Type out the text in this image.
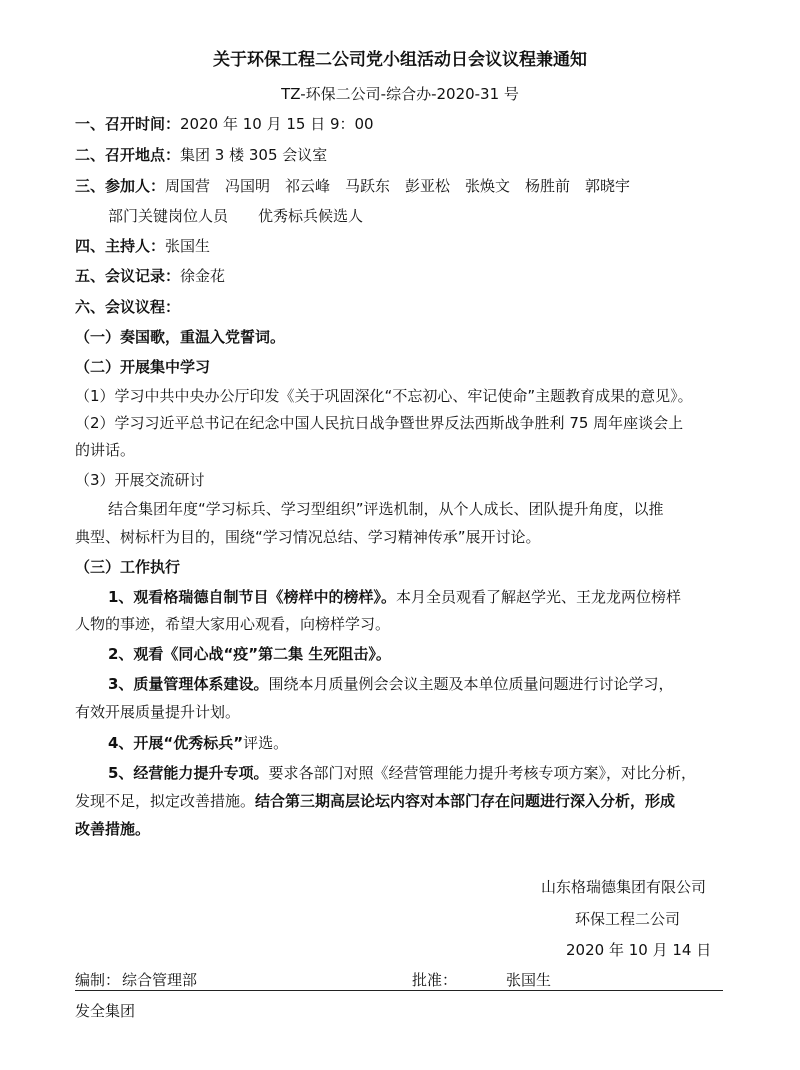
关于环保工程二公司党小组活动日会议议程兼通知
TZ-环保二公司-综合办-2020-31 号
一、召开时间：2020 年 10 月 15 日 9：00
二、召开地点：集团 3 楼 305 会议室
三、参加人：周国营　冯国明　祁云峰　马跃东　彭亚松　张焕文　杨胜前　郭晓宇
部门关键岗位人员　　优秀标兵候选人
四、主持人：张国生
五、会议记录：徐金花
六、会议议程：
（一）奏国歌，重温入党誓词。
（二）开展集中学习
（1）学习中共中央办公厅印发《关于巩固深化“不忘初心、牢记使命”主题教育成果的意见》。
（2）学习习近平总书记在纪念中国人民抗日战争暨世界反法西斯战争胜利 75 周年座谈会上
的讲话。
（3）开展交流研讨
结合集团年度“学习标兵、学习型组织”评选机制，从个人成长、团队提升角度，以推
典型、树标杆为目的，围绕“学习情况总结、学习精神传承”展开讨论。
（三）工作执行
1、观看格瑞德自制节目《榜样中的榜样》。本月全员观看了解赵学光、王龙龙两位榜样
人物的事迹，希望大家用心观看，向榜样学习。
2、观看《同心战“疫”第二集 生死阻击》。
3、质量管理体系建设。围绕本月质量例会会议主题及本单位质量问题进行讨论学习，
有效开展质量提升计划。
4、开展“优秀标兵”评选。
5、经营能力提升专项。要求各部门对照《经营管理能力提升考核专项方案》，对比分析，
发现不足，拟定改善措施。结合第三期高层论坛内容对本部门存在问题进行深入分析，形成
改善措施。
山东格瑞德集团有限公司
环保工程二公司
2020 年 10 月 14 日
编制： 综合管理部	批准：	张国生
发全集团
